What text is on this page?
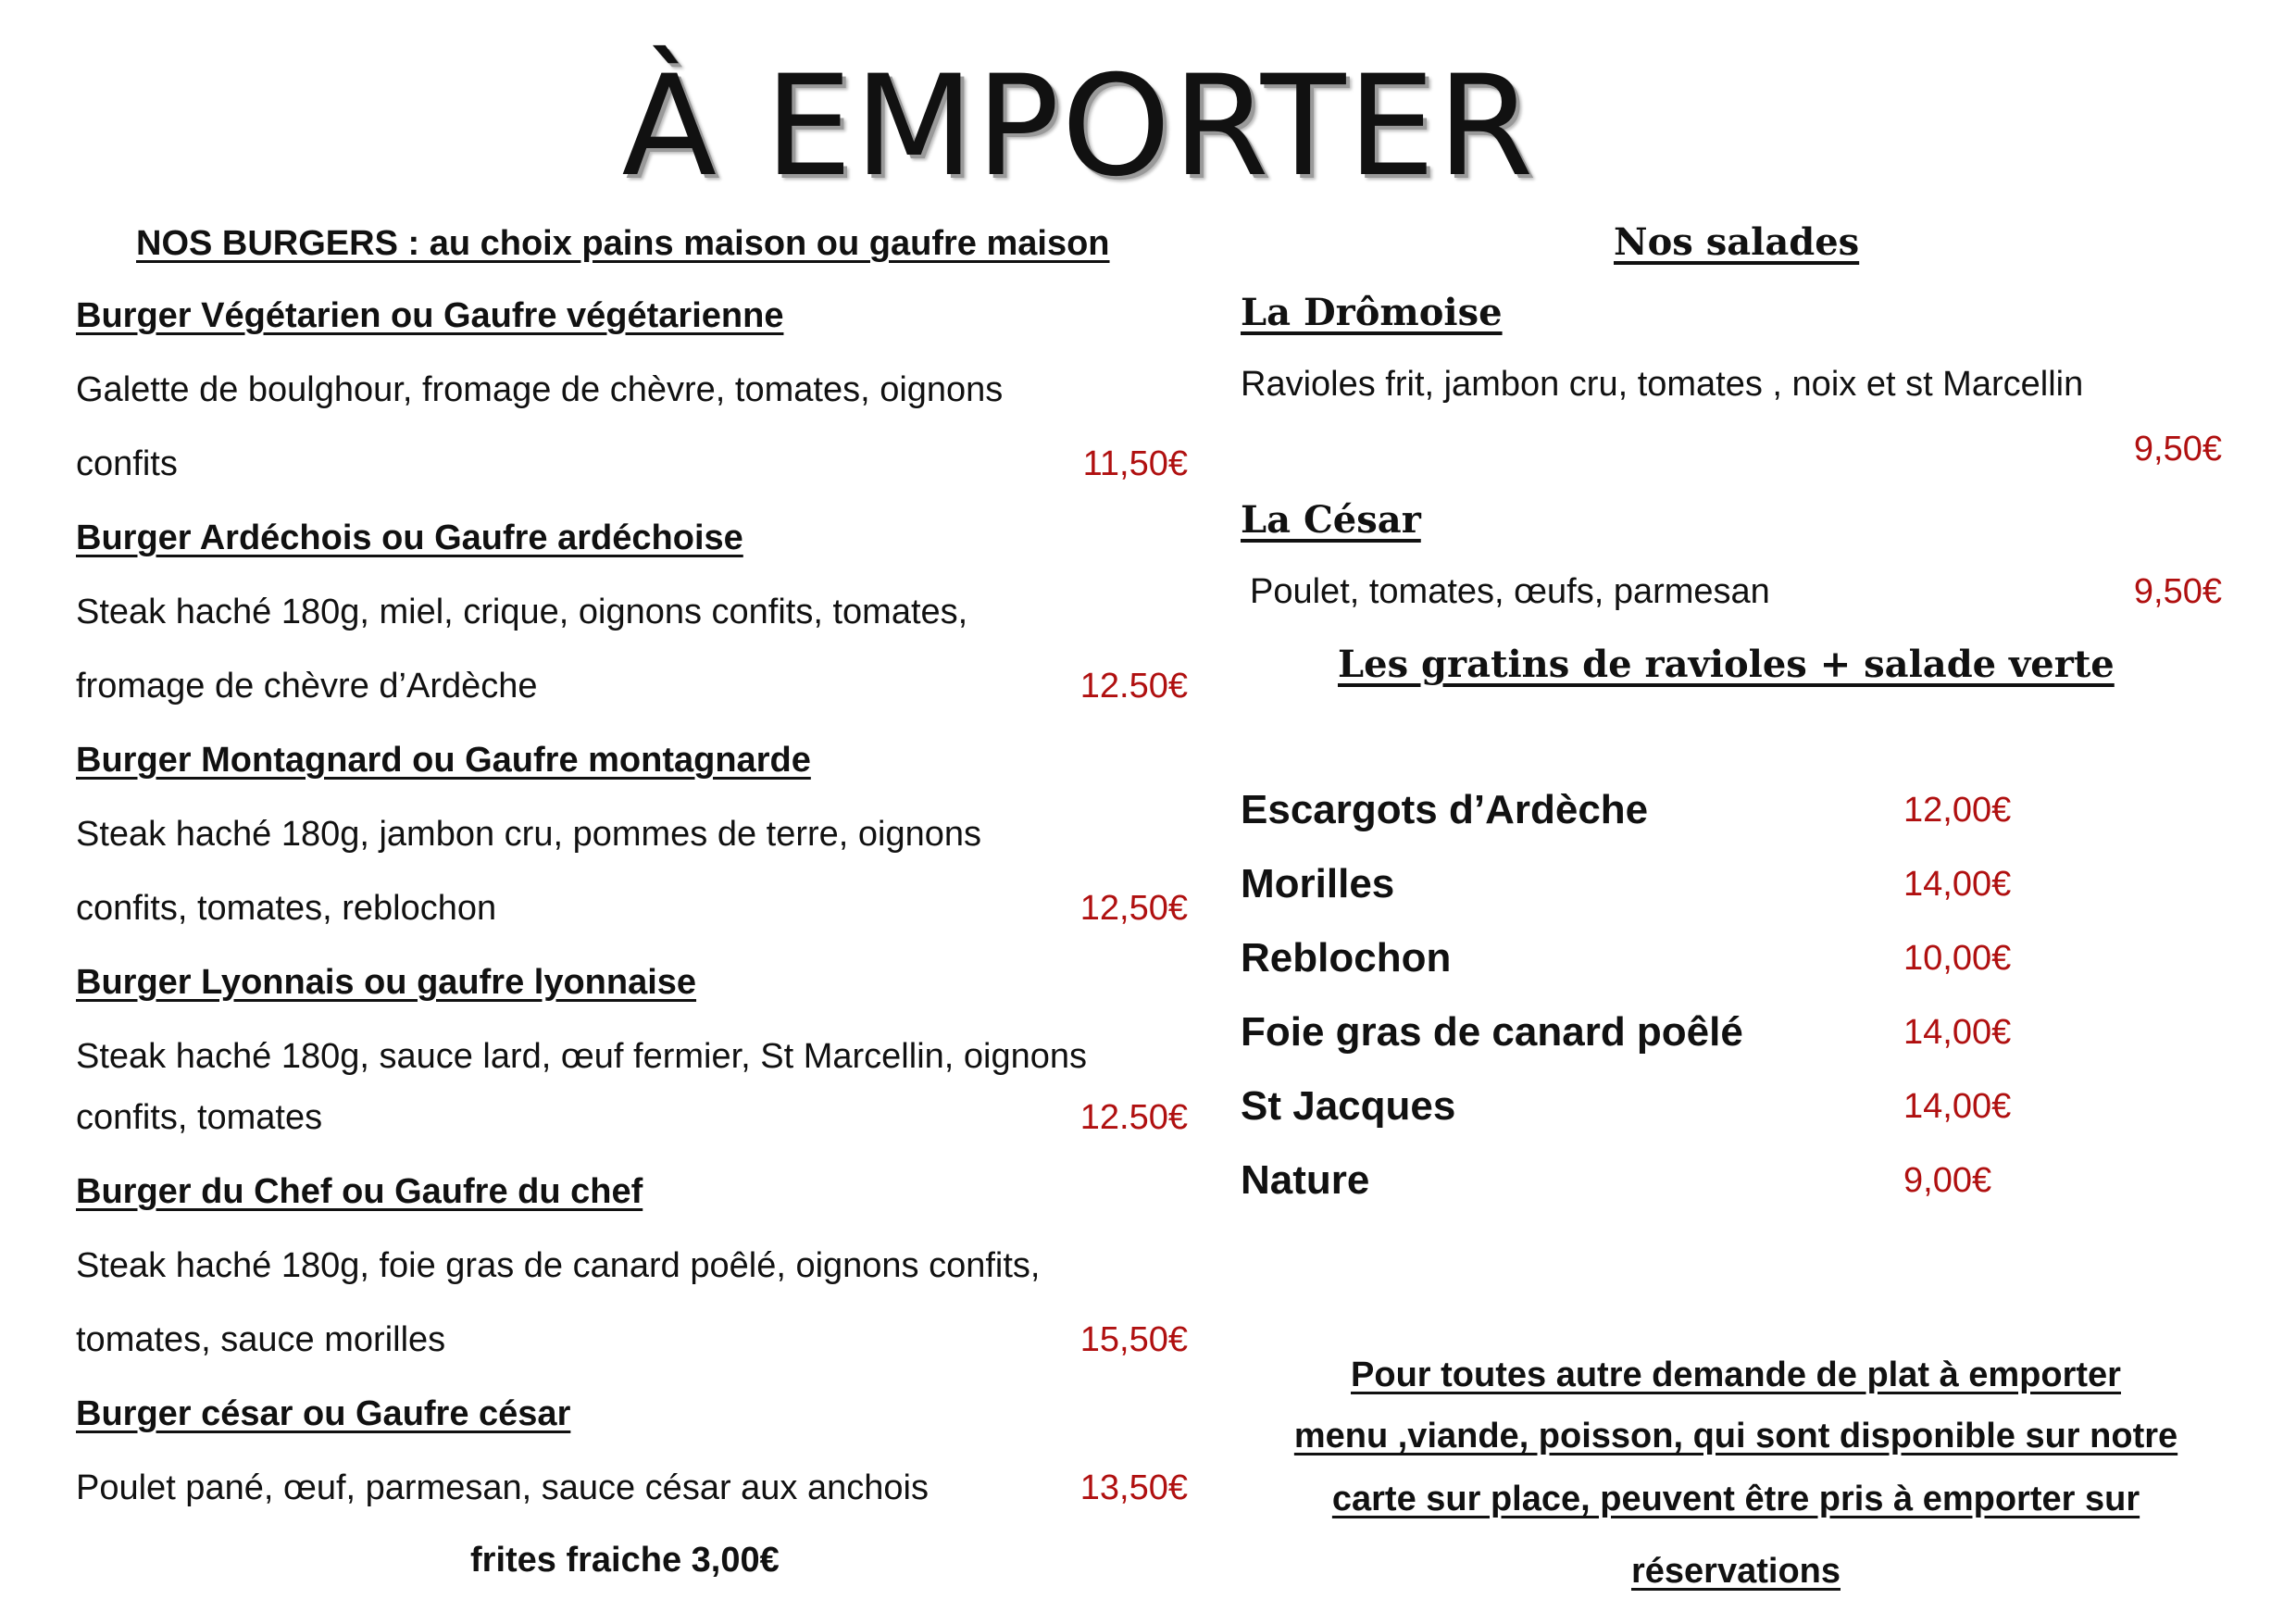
À EMPORTER
NOS BURGERS : au choix pains maison ou gaufre maison
Burger Végétarien ou Gaufre végétarienne
Galette de boulghour, fromage de chèvre, tomates, oignons
confits	11,50€
Burger Ardéchois ou Gaufre ardéchoise
Steak haché 180g, miel, crique, oignons confits, tomates,
fromage de chèvre d’Ardèche	12.50€
Burger Montagnard ou Gaufre montagnarde
Steak haché 180g, jambon cru, pommes de terre, oignons
confits, tomates, reblochon	12,50€
Burger Lyonnais ou gaufre lyonnaise
Steak haché 180g, sauce lard, œuf fermier, St Marcellin, oignons
confits, tomates	12.50€
Burger du Chef ou Gaufre du chef
Steak haché 180g, foie gras de canard poêlé, oignons confits,
tomates, sauce morilles	15,50€
Burger césar ou Gaufre césar
Poulet pané, œuf, parmesan, sauce césar aux anchois	13,50€
frites fraiche 3,00€
Nos salades
La Drômoise
Ravioles frit, jambon cru, tomates , noix et st Marcellin
9,50€
La César
Poulet, tomates, œufs, parmesan	9,50€
Les gratins de ravioles + salade verte
Escargots d’Ardèche	12,00€
Morilles	14,00€
Reblochon	10,00€
Foie gras de canard poêlé	14,00€
St Jacques	14,00€
Nature	9,00€
Pour toutes autre demande de plat à emporter
menu ,viande, poisson, qui sont disponible sur notre
carte sur place, peuvent être pris à emporter sur
réservations
